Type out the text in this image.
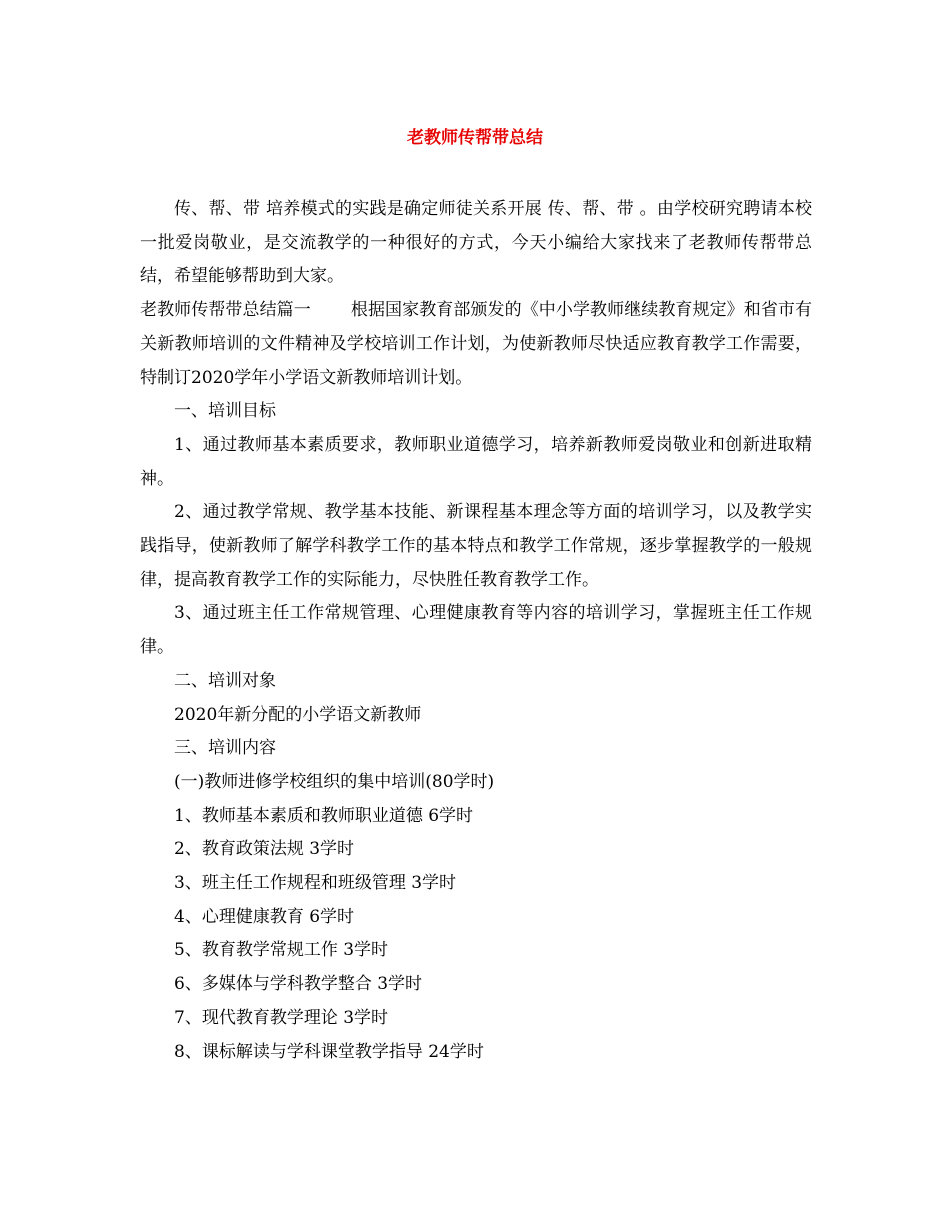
老教师传帮带总结

传、帮、带 培养模式的实践是确定师徒关系开展 传、帮、带 。由学校研究聘请本校一批爱岗敬业，是交流教学的一种很好的方式，今天小编给大家找来了老教师传帮带总结，希望能够帮助到大家。

老教师传帮带总结篇一 根据国家教育部颁发的《中小学教师继续教育规定》和省市有关新教师培训的文件精神及学校培训工作计划，为使新教师尽快适应教育教学工作需要，特制订2020学年小学语文新教师培训计划。

一、培训目标

1、通过教师基本素质要求，教师职业道德学习，培养新教师爱岗敬业和创新进取精神。

2、通过教学常规、教学基本技能、新课程基本理念等方面的培训学习，以及教学实践指导，使新教师了解学科教学工作的基本特点和教学工作常规，逐步掌握教学的一般规律，提高教育教学工作的实际能力，尽快胜任教育教学工作。

3、通过班主任工作常规管理、心理健康教育等内容的培训学习，掌握班主任工作规律。

二、培训对象

2020年新分配的小学语文新教师

三、培训内容

(一)教师进修学校组织的集中培训(80学时)

1、教师基本素质和教师职业道德 6学时

2、教育政策法规 3学时

3、班主任工作规程和班级管理 3学时

4、心理健康教育 6学时

5、教育教学常规工作 3学时

6、多媒体与学科教学整合 3学时

7、现代教育教学理论 3学时

8、课标解读与学科课堂教学指导 24学时
